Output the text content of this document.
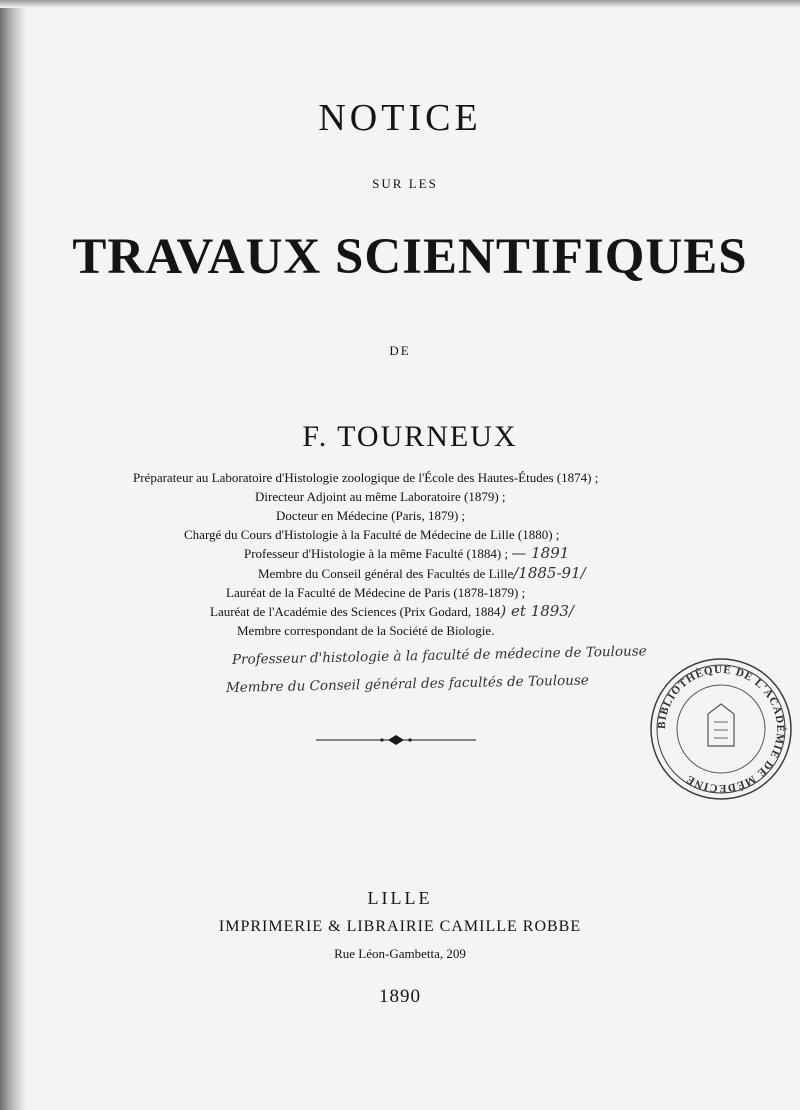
NOTICE
SUR LES
TRAVAUX SCIENTIFIQUES
DE
F. TOURNEUX
Préparateur au Laboratoire d'Histologie zoologique de l'École des Hautes-Études (1874) ;
Directeur Adjoint au même Laboratoire (1879) ;
Docteur en Médecine (Paris, 1879) ;
Chargé du Cours d'Histologie à la Faculté de Médecine de Lille (1880) ;
Professeur d'Histologie à la même Faculté (1884) ; — 1891
Membre du Conseil général des Facultés de Lille/1885-91/
Lauréat de la Faculté de Médecine de Paris (1878-1879) ;
Lauréat de l'Académie des Sciences (Prix Godard, 1884) et 1893/
Membre correspondant de la Société de Biologie.
Professeur d'histologie à la faculté de médecine de Toulouse
Membre du Conseil général des facultés de Toulouse
BIBLIOTHÈQUE DE L'ACADÉMIE DE MÉDECINE
LILLE
IMPRIMERIE & LIBRAIRIE CAMILLE ROBBE
Rue Léon-Gambetta, 209
1890
